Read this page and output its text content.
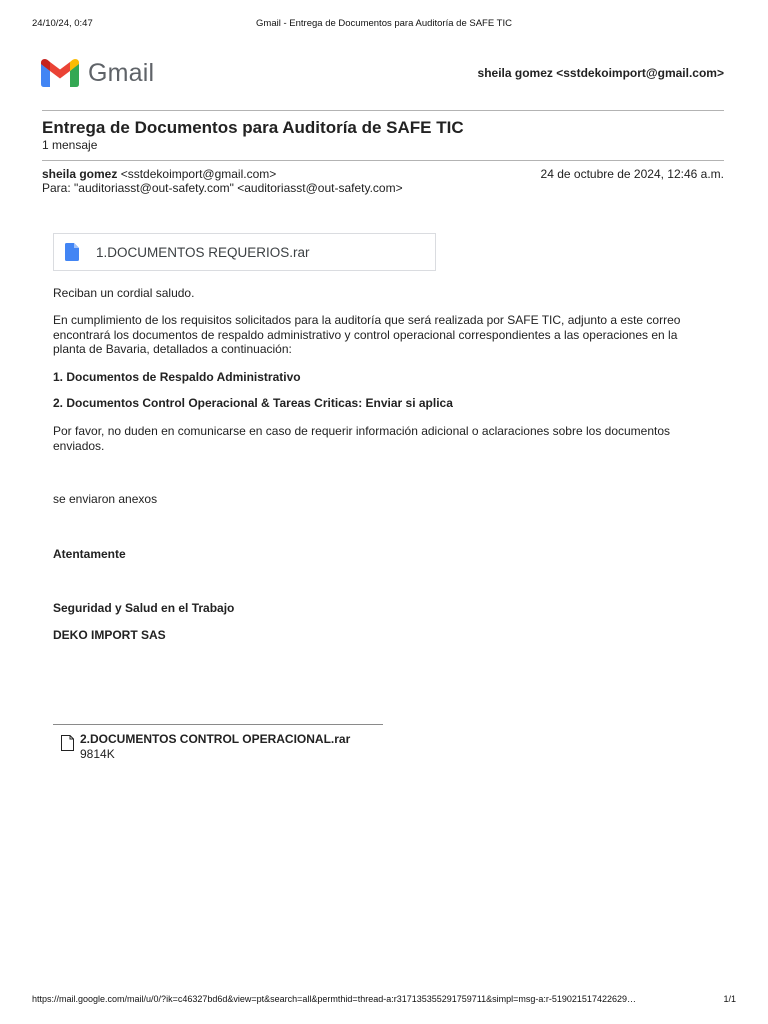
24/10/24, 0:47	Gmail - Entrega de Documentos para Auditoría de SAFE TIC
Gmail	sheila gomez <sstdekoimport@gmail.com>
Entrega de Documentos para Auditoría de SAFE TIC
1 mensaje
sheila gomez <sstdekoimport@gmail.com>
Para: "auditoriasst@out-safety.com" <auditoriasst@out-safety.com>
24 de octubre de 2024, 12:46 a.m.
1.DOCUMENTOS REQUERIOS.rar
Reciban un cordial saludo.
En cumplimiento de los requisitos solicitados para la auditoría que será realizada por SAFE TIC, adjunto a este correo encontrará los documentos de respaldo administrativo y control operacional correspondientes a las operaciones en la planta de Bavaria, detallados a continuación:
1. Documentos de Respaldo Administrativo
2. Documentos Control Operacional & Tareas Criticas: Enviar si aplica
Por favor, no duden en comunicarse en caso de requerir información adicional o aclaraciones sobre los documentos enviados.
se enviaron anexos
Atentamente
Seguridad y Salud en el Trabajo
DEKO IMPORT SAS
2.DOCUMENTOS CONTROL OPERACIONAL.rar
9814K
https://mail.google.com/mail/u/0/?ik=c46327bd6d&view=pt&search=all&permthid=thread-a:r317135355291759711&simpl=msg-a:r-519021517422629…	1/1
